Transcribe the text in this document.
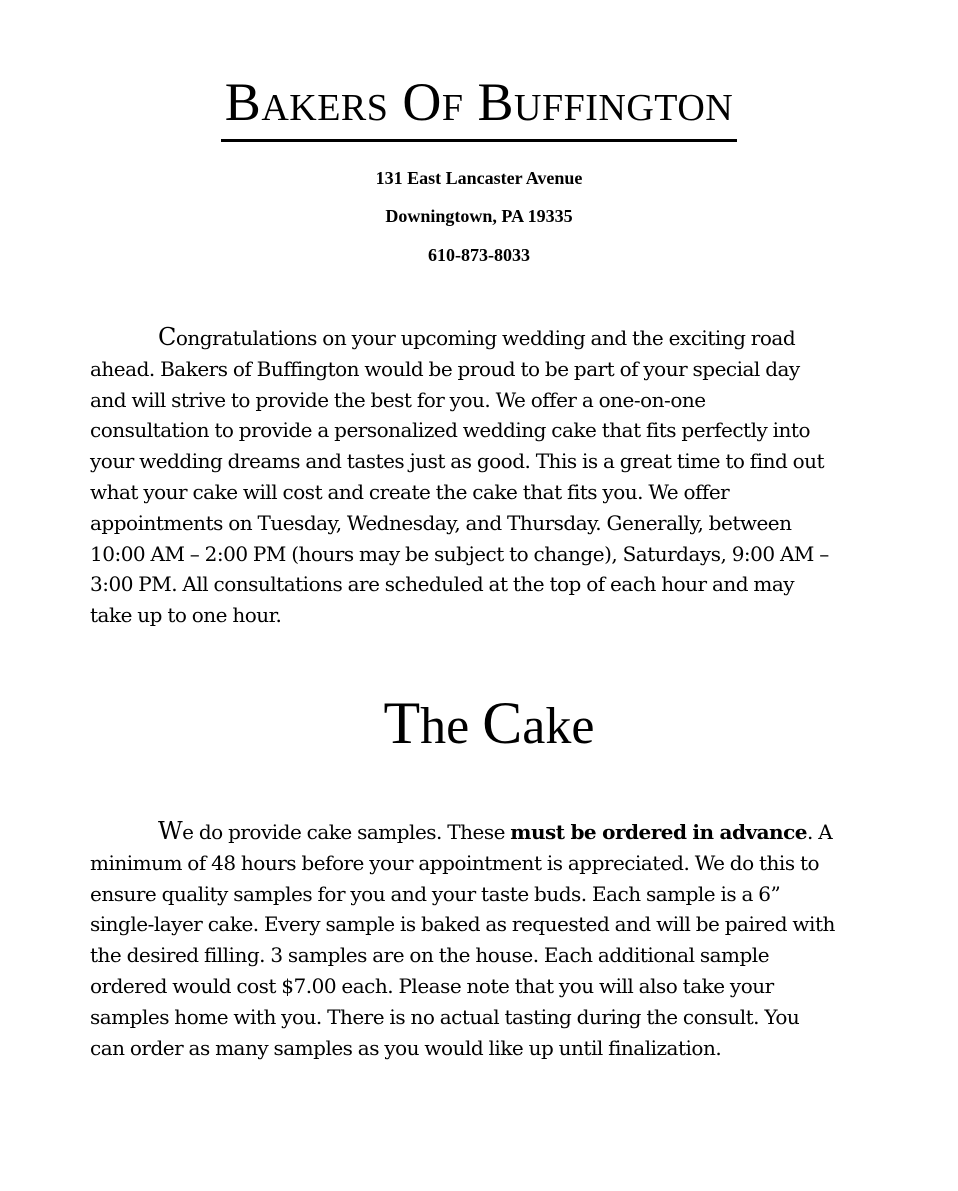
Bakers Of Buffington
131 East Lancaster Avenue
Downingtown, PA 19335
610-873-8033
Congratulations on your upcoming wedding and the exciting road
ahead. Bakers of Buffington would be proud to be part of your special day
and will strive to provide the best for you. We offer a one-on-one
consultation to provide a personalized wedding cake that fits perfectly into
your wedding dreams and tastes just as good. This is a great time to find out
what your cake will cost and create the cake that fits you. We offer
appointments on Tuesday, Wednesday, and Thursday. Generally, between
10:00 AM – 2:00 PM (hours may be subject to change), Saturdays, 9:00 AM –
3:00 PM. All consultations are scheduled at the top of each hour and may
take up to one hour.
The Cake
We do provide cake samples. These must be ordered in advance. A
minimum of 48 hours before your appointment is appreciated. We do this to
ensure quality samples for you and your taste buds. Each sample is a 6”
single-layer cake. Every sample is baked as requested and will be paired with
the desired filling. 3 samples are on the house. Each additional sample
ordered would cost $7.00 each. Please note that you will also take your
samples home with you. There is no actual tasting during the consult. You
can order as many samples as you would like up until finalization.
